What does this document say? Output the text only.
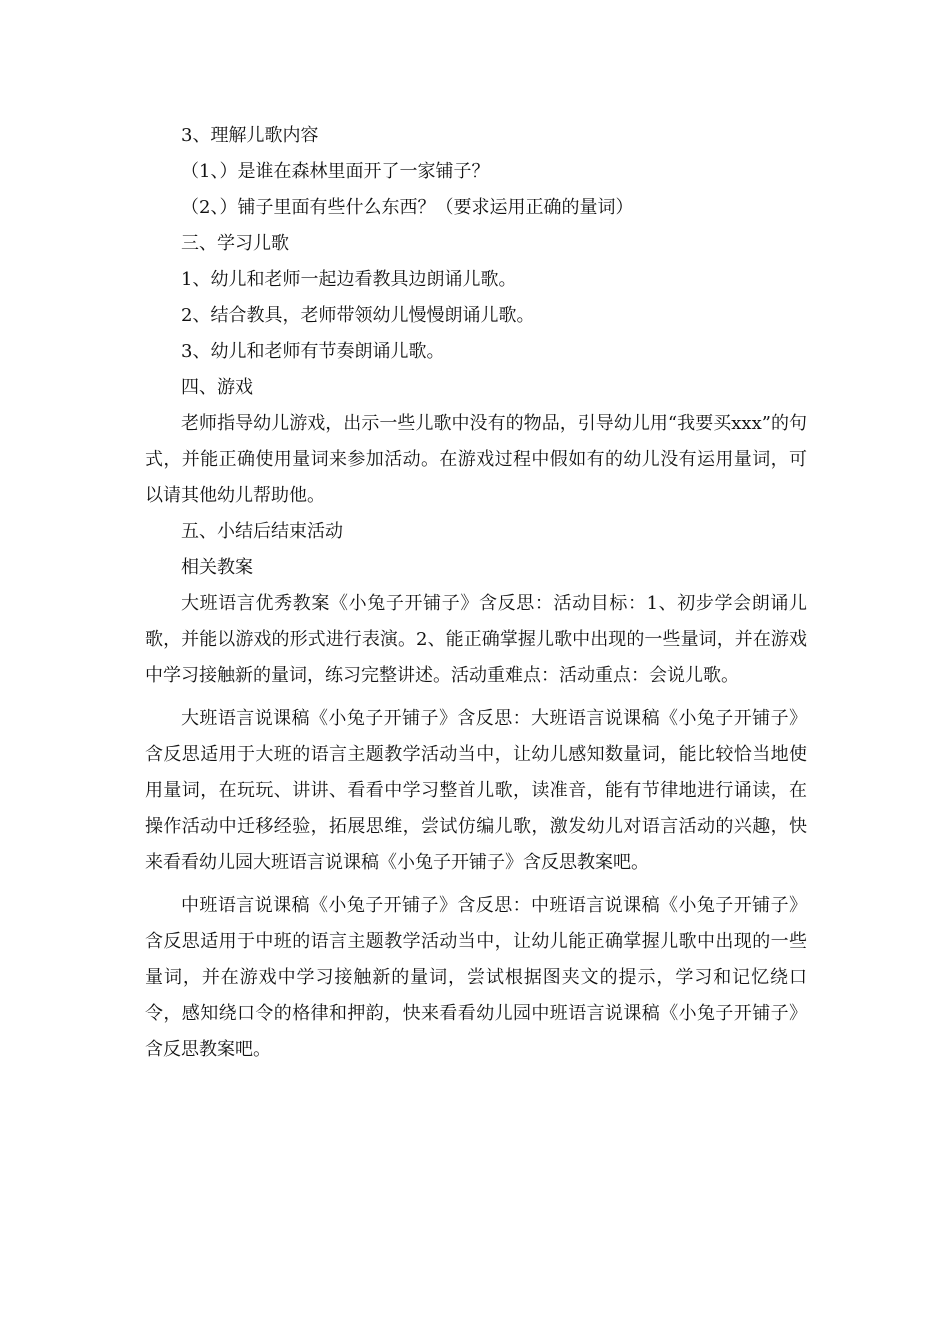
3、理解儿歌内容

（1、）是谁在森林里面开了一家铺子？

（2、）铺子里面有些什么东西？（要求运用正确的量词）

三、学习儿歌

1、幼儿和老师一起边看教具边朗诵儿歌。

2、结合教具，老师带领幼儿慢慢朗诵儿歌。

3、幼儿和老师有节奏朗诵儿歌。

四、游戏

老师指导幼儿游戏，出示一些儿歌中没有的物品，引导幼儿用“我要买xxx”的句式，并能正确使用量词来参加活动。在游戏过程中假如有的幼儿没有运用量词，可以请其他幼儿帮助他。

五、小结后结束活动

相关教案

大班语言优秀教案《小兔子开铺子》含反思：活动目标：1、初步学会朗诵儿歌，并能以游戏的形式进行表演。2、能正确掌握儿歌中出现的一些量词，并在游戏中学习接触新的量词，练习完整讲述。活动重难点：活动重点：会说儿歌。

大班语言说课稿《小兔子开铺子》含反思：大班语言说课稿《小兔子开铺子》含反思适用于大班的语言主题教学活动当中，让幼儿感知数量词，能比较恰当地使用量词，在玩玩、讲讲、看看中学习整首儿歌，读准音，能有节律地进行诵读，在操作活动中迁移经验，拓展思维，尝试仿编儿歌，激发幼儿对语言活动的兴趣，快来看看幼儿园大班语言说课稿《小兔子开铺子》含反思教案吧。

中班语言说课稿《小兔子开铺子》含反思：中班语言说课稿《小兔子开铺子》含反思适用于中班的语言主题教学活动当中，让幼儿能正确掌握儿歌中出现的一些量词，并在游戏中学习接触新的量词，尝试根据图夹文的提示，学习和记忆绕口令，感知绕口令的格律和押韵，快来看看幼儿园中班语言说课稿《小兔子开铺子》含反思教案吧。
